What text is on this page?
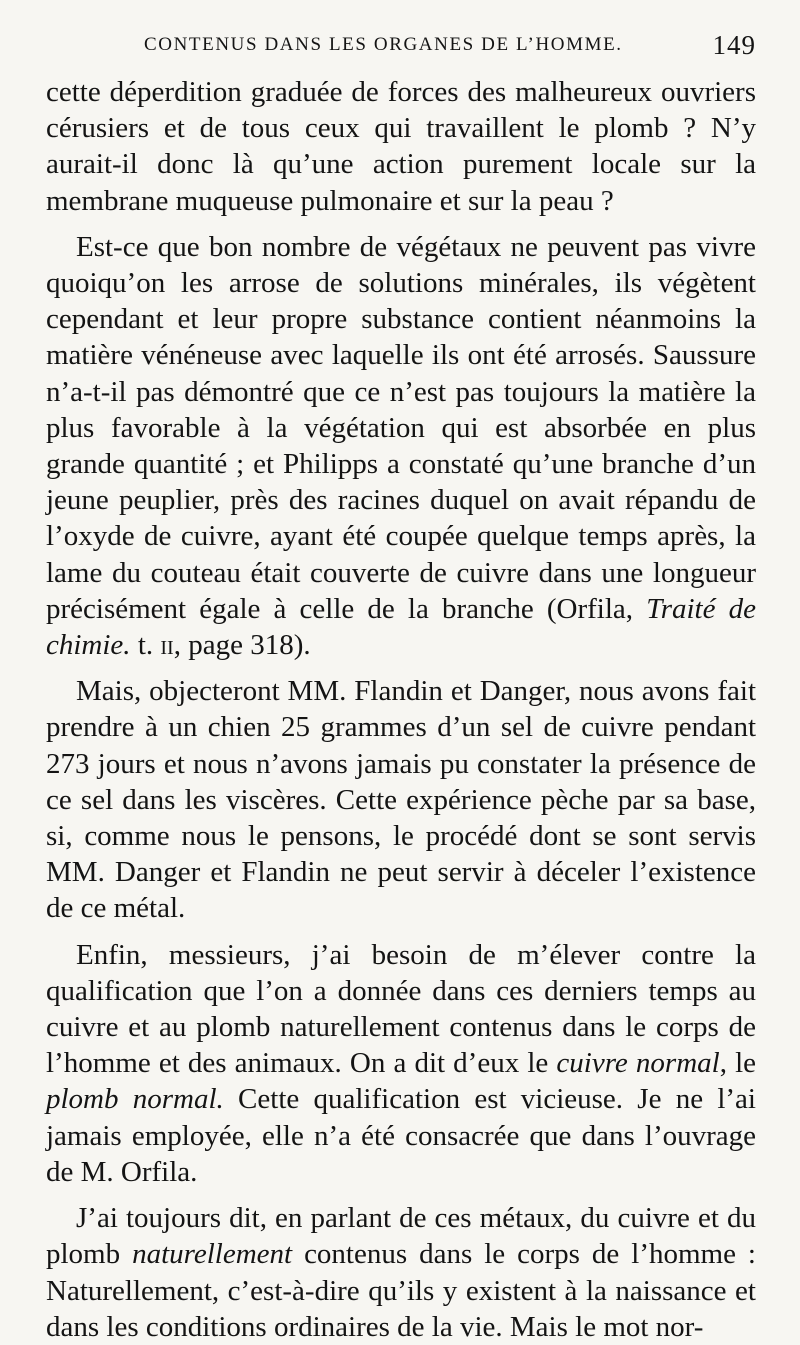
CONTENUS DANS LES ORGANES DE L’HOMME.	149

cette déperdition graduée de forces des malheureux ouvriers cérusiers et de tous ceux qui travaillent le plomb ? N’y aurait-il donc là qu’une action purement locale sur la membrane muqueuse pulmonaire et sur la peau ?

Est-ce que bon nombre de végétaux ne peuvent pas vivre quoiqu’on les arrose de solutions minérales, ils végètent cependant et leur propre substance contient néanmoins la matière vénéneuse avec laquelle ils ont été arrosés. Saussure n’a-t-il pas démontré que ce n’est pas toujours la matière la plus favorable à la végétation qui est absorbée en plus grande quantité ; et Philipps a constaté qu’une branche d’un jeune peuplier, près des racines duquel on avait répandu de l’oxyde de cuivre, ayant été coupée quelque temps après, la lame du couteau était couverte de cuivre dans une longueur précisément égale à celle de la branche (Orfila, Traité de chimie. t. ii, page 318).

Mais, objecteront MM. Flandin et Danger, nous avons fait prendre à un chien 25 grammes d’un sel de cuivre pendant 273 jours et nous n’avons jamais pu constater la présence de ce sel dans les viscères. Cette expérience pèche par sa base, si, comme nous le pensons, le procédé dont se sont servis MM. Danger et Flandin ne peut servir à déceler l’existence de ce métal.

Enfin, messieurs, j’ai besoin de m’élever contre la qualification que l’on a donnée dans ces derniers temps au cuivre et au plomb naturellement contenus dans le corps de l’homme et des animaux. On a dit d’eux le cuivre normal, le plomb normal. Cette qualification est vicieuse. Je ne l’ai jamais employée, elle n’a été consacrée que dans l’ouvrage de M. Orfila.

J’ai toujours dit, en parlant de ces métaux, du cuivre et du plomb naturellement contenus dans le corps de l’homme : Naturellement, c’est-à-dire qu’ils y existent à la naissance et dans les conditions ordinaires de la vie. Mais le mot nor-
